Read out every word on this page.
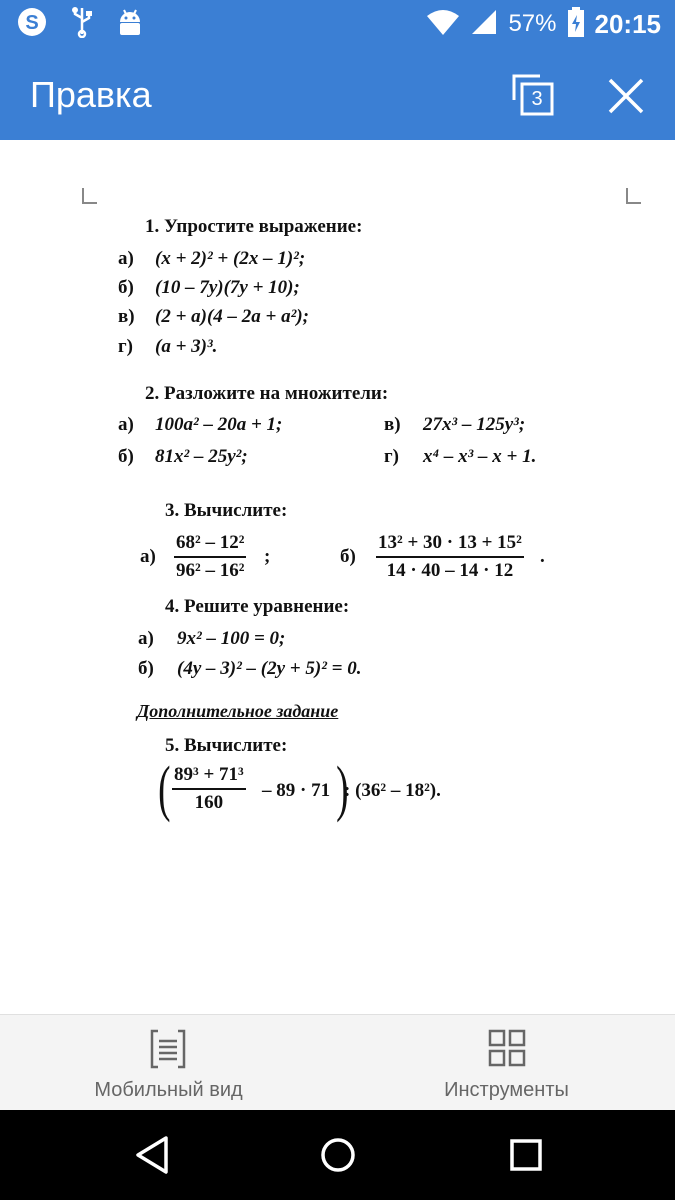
S	57% 20:15
Правка	3
1. Упростите выражение:
а) (x + 2)² + (2x – 1)²;
б) (10 – 7y)(7y + 10);
в) (2 + a)(4 – 2a + a²);
г) (a + 3)³.
2. Разложите на множители:
а) 100a² – 20a + 1;	в) 27x³ – 125y³;
б) 81x² – 25y²;	г) x⁴ – x³ – x + 1.
3. Вычислите:
а)
68² – 12²
96² – 16²
;	б)
13² + 30 · 13 + 15²
14 · 40 – 14 · 12
.
4. Решите уравнение:
а) 9x² – 100 = 0;
б) (4y – 3)² – (2y + 5)² = 0.
Дополнительное задание
5. Вычислите:
( 89³ + 71³
160
– 89 · 71 )
: (36² – 18²).
Мобильный вид	Инструменты
